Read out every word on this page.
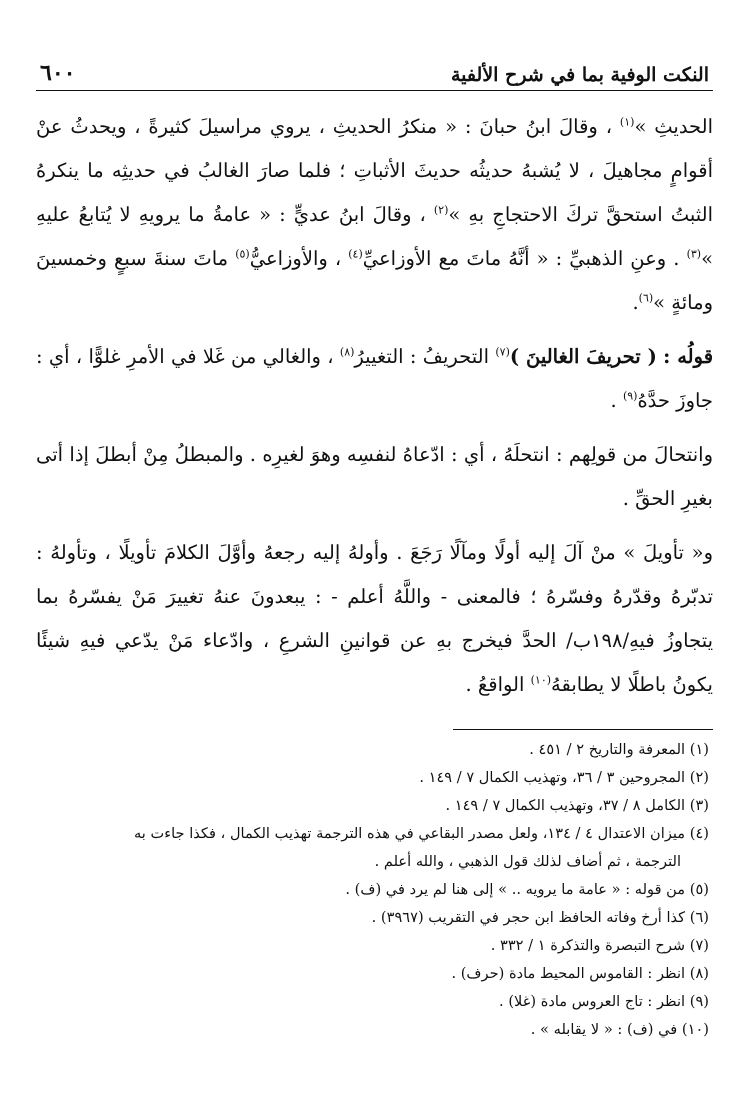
النكت الوفية بما في شرح الألفية
٦٠٠

الحديثِ »$^{(١)}$ ، وقالَ ابنُ حبانَ : « منكرُ الحديثِ ، يروي مراسيلَ كثيرةً ، ويحدثُ عنْ أقوامٍ مجاهيلَ ، لا يُشبهُ حديثُه حديثَ الأثباتِ ؛ فلما صارَ الغالبُ في حديثِه ما ينكرهُ الثبتُ استحقَّ تركَ الاحتجاجِ بهِ »$^{(٢)}$ ، وقالَ ابنُ عديٍّ : « عامةُ ما يرويهِ لا يُتابعُ عليهِ »$^{(٣)}$ . وعنِ الذهبيِّ : « أنَّهُ ماتَ مع الأوزاعيِّ$^{(٤)}$ ، والأوزاعيُّ$^{(٥)}$ ماتَ سنةَ سبعٍ وخمسينَ ومائةٍ »$^{(٦)}$.

قولُه : ( تحريفَ الغالينَ )$^{(٧)}$ التحريفُ : التغييرُ$^{(٨)}$ ، والغالي من غَلا في الأمرِ غلوًّا ، أي : جاوزَ حدَّهُ$^{(٩)}$ .

وانتحالَ من قولِهم : انتحلَهُ ، أي : ادّعاهُ لنفسِه وهوَ لغيرِه . والمبطلُ مِنْ أبطلَ إذا أتى بغيرِ الحقِّ .

و« تأويلَ » منْ آلَ إليه أولًا ومآلًا رَجَعَ . وأولهُ إليه رجعهُ وأوَّلَ الكلامَ تأويلًا ، وتأولهُ : تدبّرهُ وقدّرهُ وفسّرهُ ؛ فالمعنى - واللَّهُ أعلم - : يبعدونَ عنهُ تغييرَ مَنْ يفسّرهُ بما يتجاوزُ فيهِ/١٩٨ب/ الحدَّ فيخرج بهِ عن قوانينِ الشرعِ ، وادّعاء مَنْ يدّعي فيهِ شيئًا يكونُ باطلًا لا يطابقهُ$^{(١٠)}$ الواقعُ .

(١) المعرفة والتاريخ ٢ / ٤٥١ .

(٢) المجروحين ٣ / ٣٦، وتهذيب الكمال ٧ / ١٤٩ .

(٣) الكامل ٨ / ٣٧، وتهذيب الكمال ٧ / ١٤٩ .

(٤) ميزان الاعتدال ٤ / ١٣٤، ولعل مصدر البقاعي في هذه الترجمة تهذيب الكمال ، فكذا جاءت به
الترجمة ، ثم أضاف لذلك قول الذهبي ، والله أعلم .

(٥) من قوله : « عامة ما يرويه .. » إلى هنا لم يرد في (ف) .

(٦) كذا أرخ وفاته الحافظ ابن حجر في التقريب (٣٩٦٧) .

(٧) شرح التبصرة والتذكرة ١ / ٣٣٢ .

(٨) انظر : القاموس المحيط مادة (حرف) .

(٩) انظر : تاج العروس مادة (غلا) .

(١٠) في (ف) : « لا يقابله » .
